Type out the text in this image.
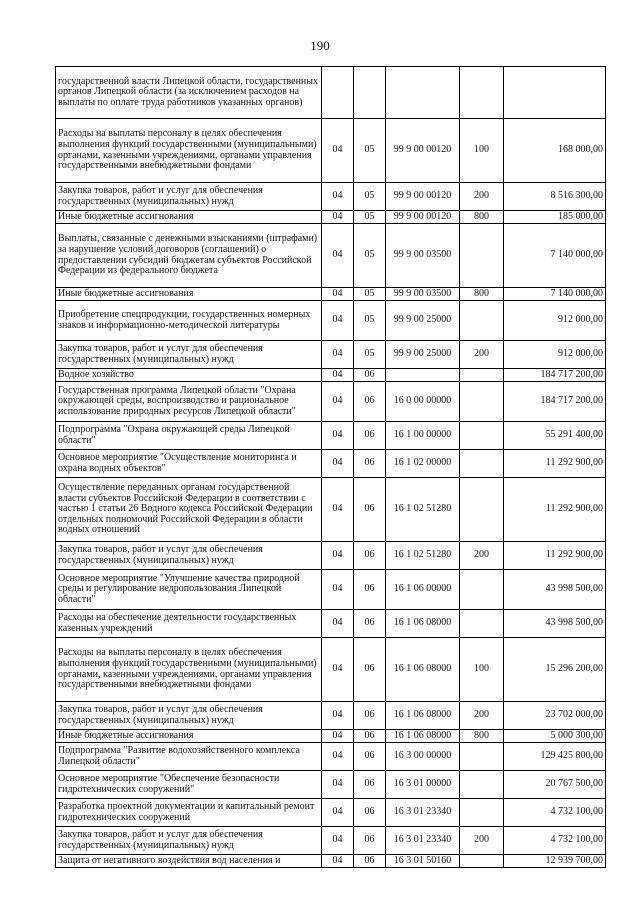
190
государственной власти Липецкой области, государственных органов Липецкой области (за исключением расходов на выплаты по оплате труда работников указанных органов)					
Расходы на выплаты персоналу в целях обеспечения выполнения функций государственными (муниципальными) органами, казенными учреждениями, органами управления государственными внебюджетными фондами	04	05	99 9 00 00120	100	168 000,00
Закупка товаров, работ и услуг для обеспечения государственных (муниципальных) нужд	04	05	99 9 00 00120	200	8 516 300,00
Иные бюджетные ассигнования	04	05	99 9 00 00120	800	185 000,00
Выплаты, связанные с денежными взысканиями (штрафами) за нарушение условий договоров (соглашений) о предоставлении субсидий бюджетам субъектов Российской Федерации из федерального бюджета	04	05	99 9 00 03500		7 140 000,00
Иные бюджетные ассигнования	04	05	99 9 00 03500	800	7 140 000,00
Приобретение спецпродукции, государственных номерных знаков и информационно-методической литературы	04	05	99 9 00 25000		912 000,00
Закупка товаров, работ и услуг для обеспечения государственных (муниципальных) нужд	04	05	99 9 00 25000	200	912 000,00
Водное хозяйство	04	06			184 717 200,00
Государственная программа Липецкой области "Охрана окружающей среды, воспроизводство и рациональное использование природных ресурсов Липецкой области"	04	06	16 0 00 00000		184 717 200,00
Подпрограмма "Охрана окружающей среды Липецкой области"	04	06	16 1 00 00000		55 291 400,00
Основное мероприятие "Осуществление мониторинга и охрана водных объектов"	04	06	16 1 02 00000		11 292 900,00
Осуществление переданных органам государственной власти субъектов Российской Федерации в соответствии с частью 1 статьи 26 Водного кодекса Российской Федерации отдельных полномочий Российской Федерации в области водных отношений	04	06	16 1 02 51280		11 292 900,00
Закупка товаров, работ и услуг для обеспечения государственных (муниципальных) нужд	04	06	16 1 02 51280	200	11 292 900,00
Основное мероприятие "Улучшение качества природной среды и регулирование недропользования Липецкой области"	04	06	16 1 06 00000		43 998 500,00
Расходы на обеспечение деятельности государственных казенных учреждений	04	06	16 1 06 08000		43 998 500,00
Расходы на выплаты персоналу в целях обеспечения выполнения функций государственными (муниципальными) органами, казенными учреждениями, органами управления государственными внебюджетными фондами	04	06	16 1 06 08000	100	15 296 200,00
Закупка товаров, работ и услуг для обеспечения государственных (муниципальных) нужд	04	06	16 1 06 08000	200	23 702 000,00
Иные бюджетные ассигнования	04	06	16 1 06 08000	800	5 000 300,00
Подпрограмма "Развитие водохозяйственного комплекса Липецкой области"	04	06	16 3 00 00000		129 425 800,00
Основное мероприятие "Обеспечение безопасности гидротехнических сооружений"	04	06	16 3 01 00000		20 767 500,00
Разработка проектной документации и капитальный ремонт гидротехнических сооружений	04	06	16 3 01 23340		4 732 100,00
Закупка товаров, работ и услуг для обеспечения государственных (муниципальных) нужд	04	06	16 3 01 23340	200	4 732 100,00
Защита от негативного воздействия вод населения и	04	06	16 3 01 50160		12 939 700,00
